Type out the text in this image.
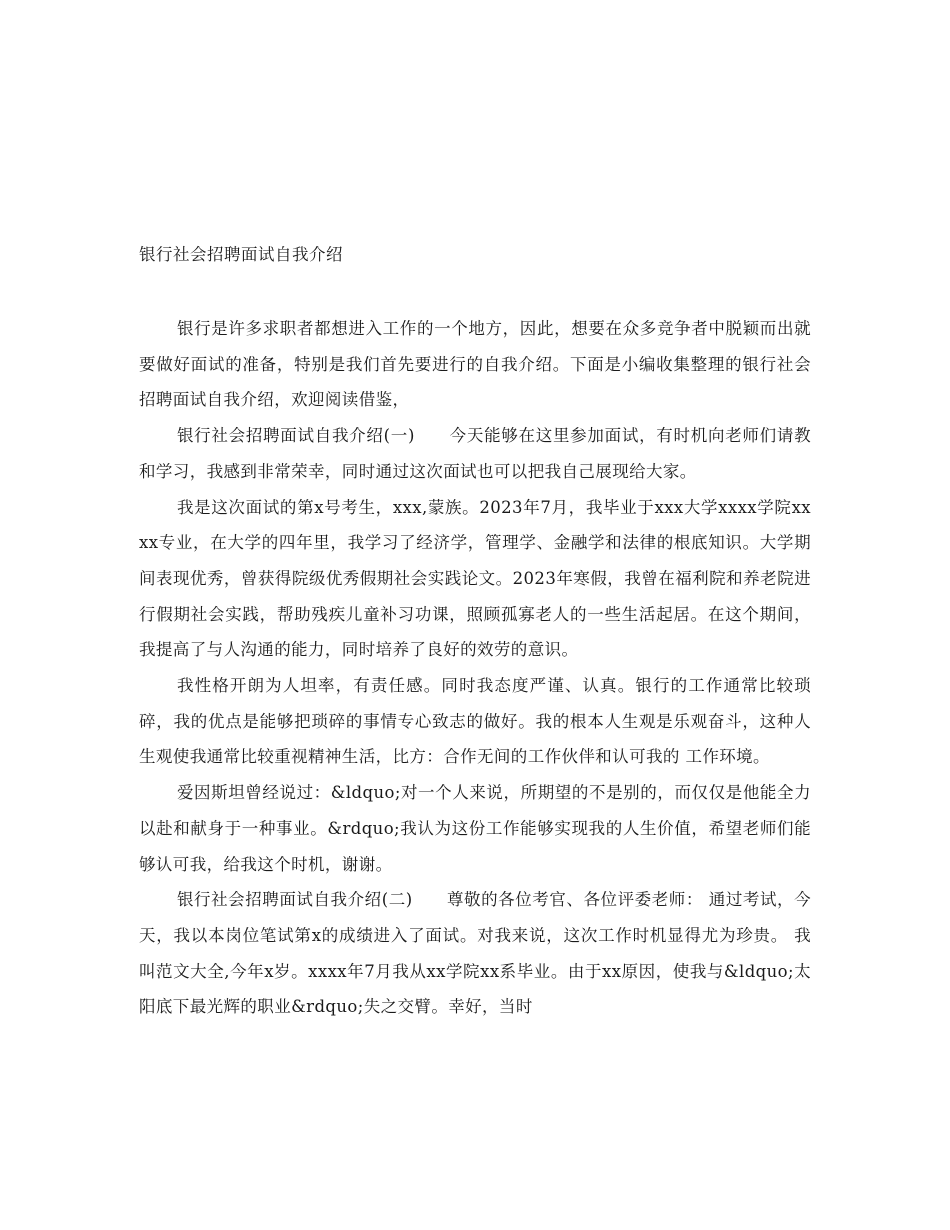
银行社会招聘面试自我介绍

银行是许多求职者都想进入工作的一个地方，因此，想要在众多竞争者中脱颖而出就要做好面试的准备，特别是我们首先要进行的自我介绍。下面是小编收集整理的银行社会招聘面试自我介绍，欢迎阅读借鉴，

银行社会招聘面试自我介绍(一)　　今天能够在这里参加面试，有时机向老师们请教和学习，我感到非常荣幸，同时通过这次面试也可以把我自己展现给大家。

我是这次面试的第x号考生，xxx,蒙族。2023年7月，我毕业于xxx大学xxxx学院xxxx专业，在大学的四年里，我学习了经济学，管理学、金融学和法律的根底知识。大学期间表现优秀，曾获得院级优秀假期社会实践论文。2023年寒假，我曾在福利院和养老院进行假期社会实践，帮助残疾儿童补习功课，照顾孤寡老人的一些生活起居。在这个期间，我提高了与人沟通的能力，同时培养了良好的效劳的意识。

我性格开朗为人坦率，有责任感。同时我态度严谨、认真。银行的工作通常比较琐碎，我的优点是能够把琐碎的事情专心致志的做好。我的根本人生观是乐观奋斗，这种人生观使我通常比较重视精神生活，比方：合作无间的工作伙伴和认可我的 工作环境。

爱因斯坦曾经说过：&ldquo;对一个人来说，所期望的不是别的，而仅仅是他能全力以赴和献身于一种事业。&rdquo;我认为这份工作能够实现我的人生价值，希望老师们能够认可我，给我这个时机，谢谢。

银行社会招聘面试自我介绍(二)　　尊敬的各位考官、各位评委老师： 通过考试，今天，我以本岗位笔试第x的成绩进入了面试。对我来说，这次工作时机显得尤为珍贵。 我叫范文大全,今年x岁。xxxx年7月我从xx学院xx系毕业。由于xx原因，使我与&ldquo;太阳底下最光辉的职业&rdquo;失之交臂。幸好，当时
